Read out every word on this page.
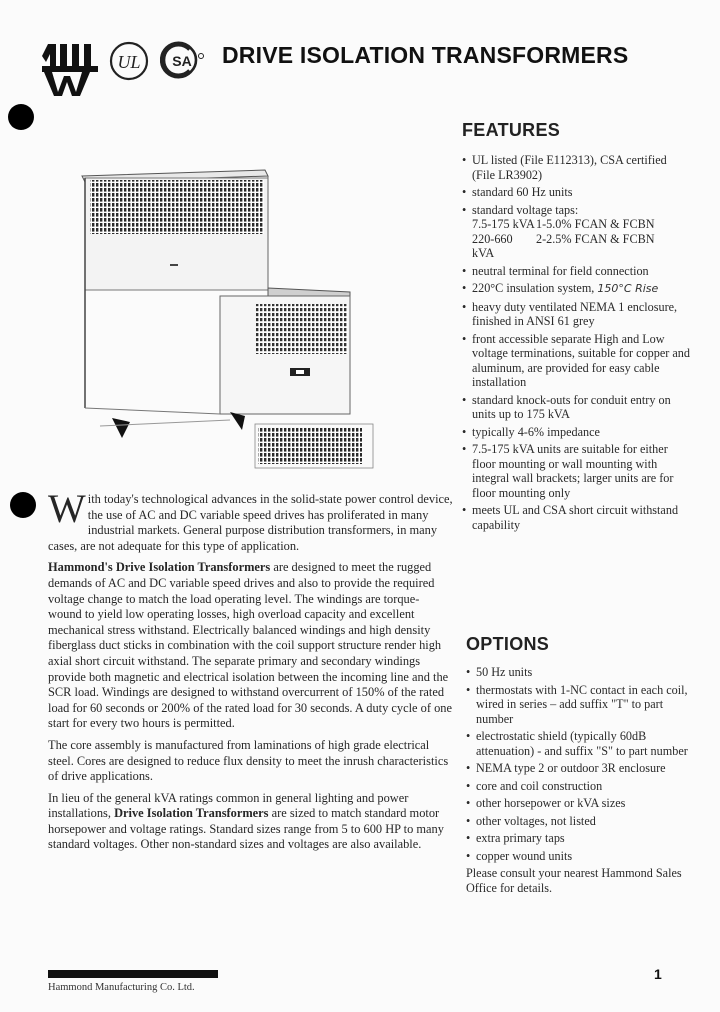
UL SA DRIVE ISOLATION TRANSFORMERS
FEATURES
• UL listed (File E112313), CSA certified (File LR3902)
• standard 60 Hz units
• standard voltage taps:
7.5-175 kVA 1-5.0% FCAN & FCBN
220-660 kVA
2-2.5% FCAN & FCBN
• neutral terminal for field connection
• 220°C insulation system, 150°C Rise
• heavy duty ventilated NEMA 1 enclosure, finished in ANSI 61 grey
• front accessible separate High and Low voltage terminations, suitable for copper and aluminum, are provided for easy cable installation
• standard knock-outs for conduit entry on units up to 175 kVA
• typically 4-6% impedance
• 7.5-175 kVA units are suitable for either floor mounting or wall mounting with integral wall brackets; larger units are for floor mounting only
• meets UL and CSA short circuit withstand capability
OPTIONS
• 50 Hz units
• thermostats with 1-NC contact in each coil, wired in series – add suffix "T" to part number
• electrostatic shield (typically 60dB attenuation) - and suffix "S" to part number
• NEMA type 2 or outdoor 3R enclosure
• core and coil construction
• other horsepower or kVA sizes
• other voltages, not listed
• extra primary taps
• copper wound units
Please consult your nearest Hammond Sales Office for details.

W ith today's technological advances in the solid-state power control device, the use of AC and DC variable speed drives has proliferated in many industrial markets. General purpose distribution transformers, in many cases, are not adequate for this type of application.

Hammond's Drive Isolation Transformers are designed to meet the rugged demands of AC and DC variable speed drives and also to provide the required voltage change to match the load operating level. The windings are torque-wound to yield low operating losses, high overload capacity and excellent mechanical stress withstand. Electrically balanced windings and high density fiberglass duct sticks in combination with the coil support structure render high axial short circuit withstand. The separate primary and secondary windings provide both magnetic and electrical isolation between the incoming line and the SCR load. Windings are designed to withstand overcurrent of 150% of the rated load for 60 seconds or 200% of the rated load for 30 seconds. A duty cycle of one start for every two hours is permitted.

The core assembly is manufactured from laminations of high grade electrical steel. Cores are designed to reduce flux density to meet the inrush characteristics of drive applications.

In lieu of the general kVA ratings common in general lighting and power installations, Drive Isolation Transformers are sized to match standard motor horsepower and voltage ratings. Standard sizes range from 5 to 600 HP to many standard voltages. Other non-standard sizes and voltages are also available.

Hammond Manufacturing Co. Ltd.
1
